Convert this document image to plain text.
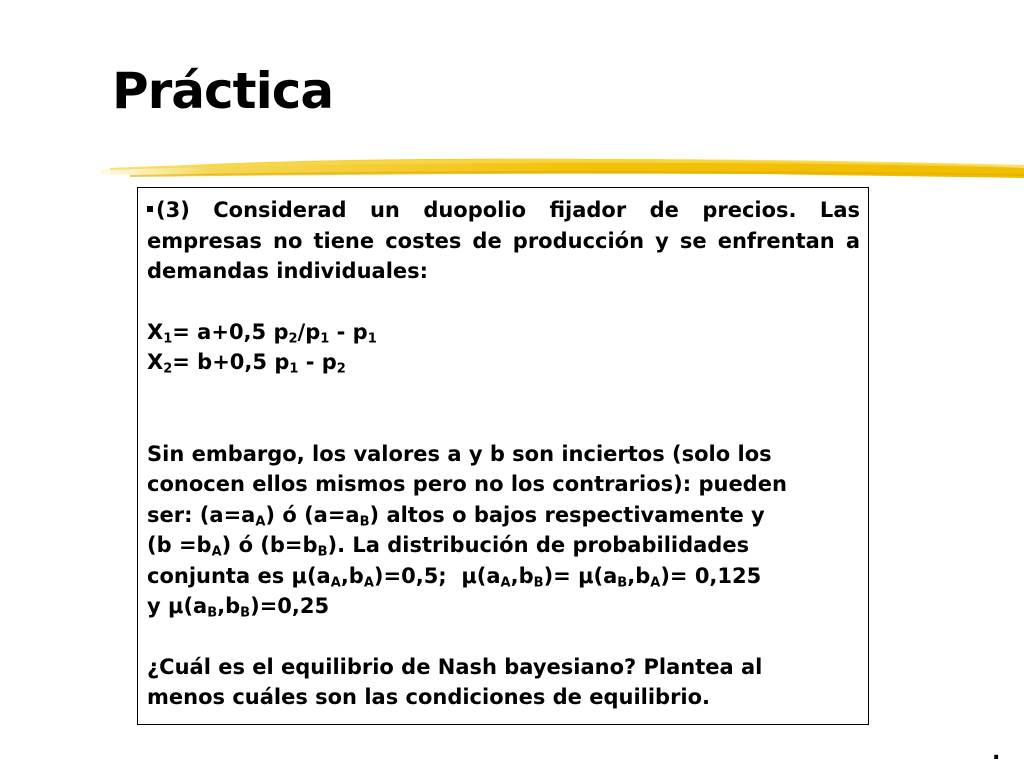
Práctica

(3) Considerad un duopolio fijador de precios. Las empresas no tiene costes de producción y se enfrentan a demandas individuales:

$X_1= a+0,5$ $p_2/p_1 - p_1$
$X_2= b+0,5$ $p_1 - p_2$
Sin embargo, los valores a y b son inciertos (solo los
conocen ellos mismos pero no los contrarios): pueden
ser: $(a=a_A)$ ó $(a=a_B)$ altos o bajos respectivamente y
$(b =b_A)$ ó $(b=b_B)$. La distribución de probabilidades
conjunta es $\mu(a_A,b_A)=0,5$;  $\mu(a_A,b_B)= \mu(a_B,b_A)= 0,125$
y $\mu(a_B,b_B)=0,25$
¿Cuál es el equilibrio de Nash bayesiano? Plantea al
menos cuáles son las condiciones de equilibrio.
.
